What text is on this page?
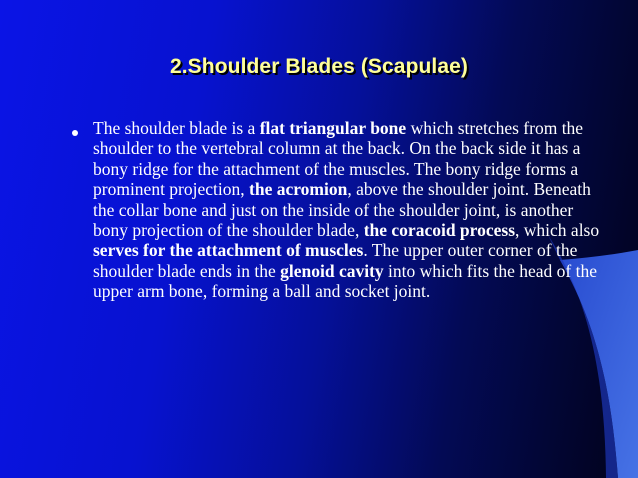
2.Shoulder Blades (Scapulae)
The shoulder blade is a flat triangular bone which stretches from the shoulder to the vertebral column at the back. On the back side it has a bony ridge for the attachment of the muscles. The bony ridge forms a prominent projection, the acromion, above the shoulder joint. Beneath the collar bone and just on the inside of the shoulder joint, is another bony projection of the shoulder blade, the coracoid process, which also serves for the attachment of muscles. The upper outer corner of the shoulder blade ends in the glenoid cavity into which fits the head of the upper arm bone, forming a ball and socket joint.
